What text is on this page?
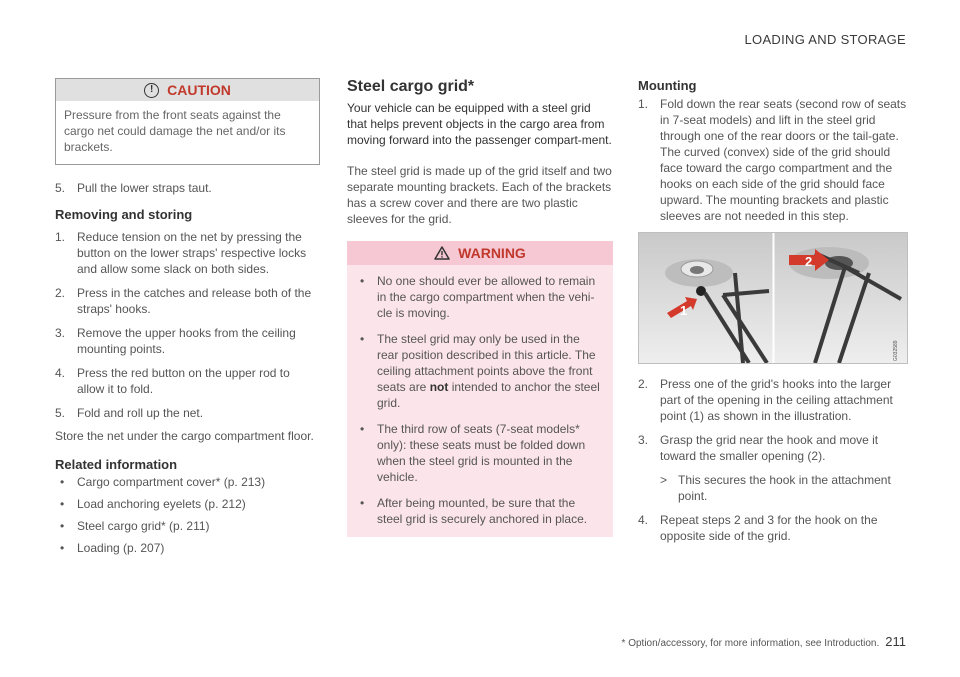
LOADING AND STORAGE
! CAUTION
Pressure from the front seats against the cargo net could damage the net and/or its brackets.
5. Pull the lower straps taut.
Removing and storing
1. Reduce tension on the net by pressing the button on the lower straps' respective locks and allow some slack on both sides.
2. Press in the catches and release both of the straps' hooks.
3. Remove the upper hooks from the ceiling mounting points.
4. Press the red button on the upper rod to allow it to fold.
5. Fold and roll up the net.

Store the net under the cargo compartment floor.

Related information
• Cargo compartment cover* (p. 213)
• Load anchoring eyelets (p. 212)
• Steel cargo grid* (p. 211)
• Loading (p. 207)
Steel cargo grid*

Your vehicle can be equipped with a steel grid that helps prevent objects in the cargo area from moving forward into the passenger compart-ment.

The steel grid is made up of the grid itself and two separate mounting brackets. Each of the brackets has a screw cover and there are two plastic sleeves for the grid.

WARNING
• No one should ever be allowed to remain in the cargo compartment when the vehi-cle is moving.
• The steel grid may only be used in the rear position described in this article. The ceiling attachment points above the front seats are not intended to anchor the steel grid.
• The third row of seats (7-seat models* only): these seats must be folded down when the steel grid is mounted in the vehicle.
• After being mounted, be sure that the steel grid is securely anchored in place.
Mounting
1. Fold down the rear seats (second row of seats in 7-seat models) and lift in the steel grid through one of the rear doors or the tail-gate. The curved (convex) side of the grid should face toward the cargo compartment and the hooks on each side of the grid should face upward. The mounting brackets and plastic sleeves are not needed in this step.
1
2
G032589
2. Press one of the grid's hooks into the larger part of the opening in the ceiling attachment point (1) as shown in the illustration.
3. Grasp the grid near the hook and move it toward the smaller opening (2).
> This secures the hook in the attachment point.
4. Repeat steps 2 and 3 for the hook on the opposite side of the grid.
* Option/accessory, for more information, see Introduction. 211
